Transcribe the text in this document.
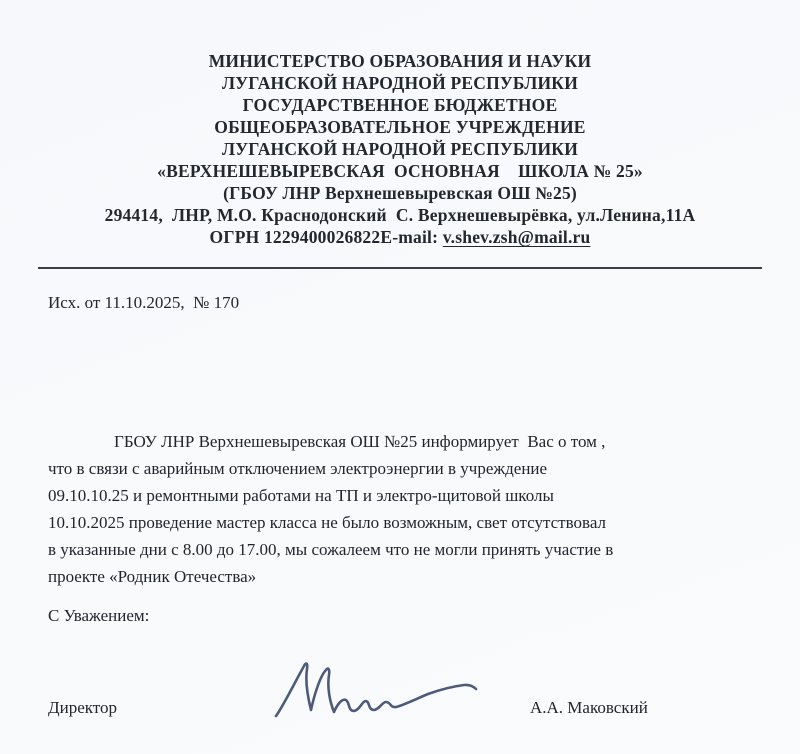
МИНИСТЕРСТВО ОБРАЗОВАНИЯ И НАУКИ
ЛУГАНСКОЙ НАРОДНОЙ РЕСПУБЛИКИ
ГОСУДАРСТВЕННОЕ БЮДЖЕТНОЕ
ОБЩЕОБРАЗОВАТЕЛЬНОЕ УЧРЕЖДЕНИЕ
ЛУГАНСКОЙ НАРОДНОЙ РЕСПУБЛИКИ
«ВЕРХНЕШЕВЫРЕВСКАЯ  ОСНОВНАЯ    ШКОЛА № 25»
(ГБОУ ЛНР Верхнешевыревская ОШ №25)
294414,  ЛНР, М.О. Краснодонский  С. Верхнешевырёвка, ул.Ленина,11А
ОГРН 1229400026822E-mail: v.shev.zsh@mail.ru
Исх. от 11.10.2025,  № 170
ГБОУ ЛНР Верхнешевыревская ОШ №25 информирует  Вас о том ,
что в связи с аварийным отключением электроэнергии в учреждение
09.10.10.25 и ремонтными работами на ТП и электро-щитовой школы
10.10.2025 проведение мастер класса не было возможным, свет отсутствовал
в указанные дни с 8.00 до 17.00, мы сожалеем что не могли принять участие в
проекте «Родник Отечества»
С Уважением:
Директор	А.А. Маковский
